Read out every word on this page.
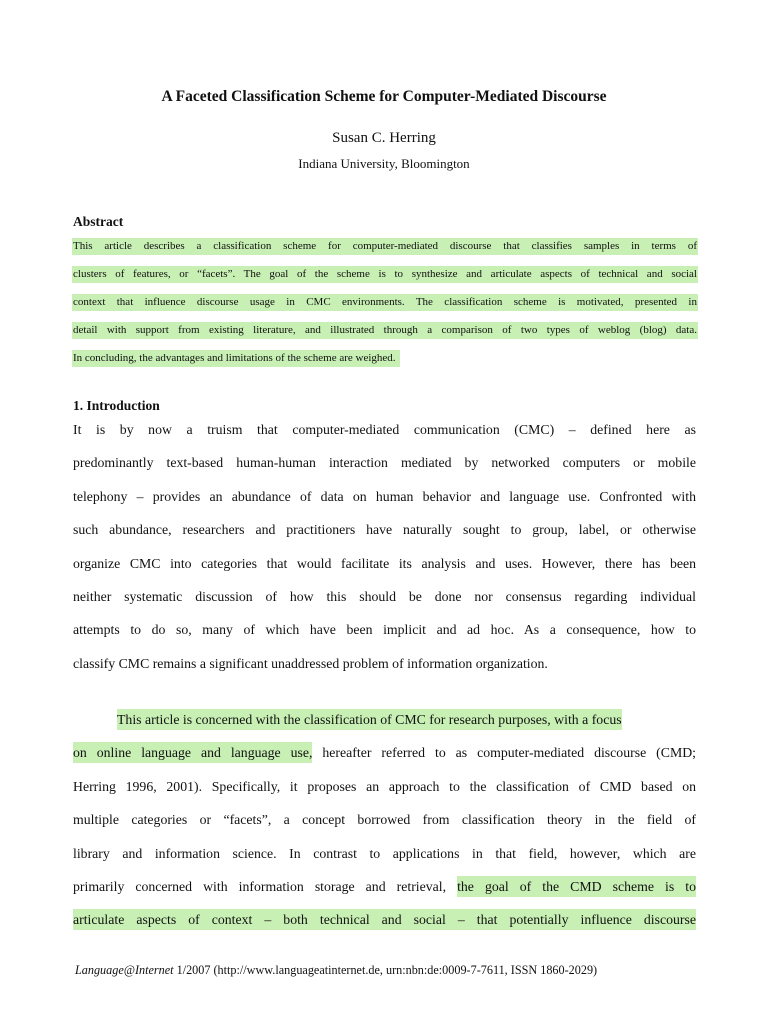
A Faceted Classification Scheme for Computer-Mediated Discourse
Susan C. Herring
Indiana University, Bloomington
Abstract
This article describes a classification scheme for computer-mediated discourse that classifies samples in terms of
clusters of features, or “facets”. The goal of the scheme is to synthesize and articulate aspects of technical and social
context that influence discourse usage in CMC environments. The classification scheme is motivated, presented in
detail with support from existing literature, and illustrated through a comparison of two types of weblog (blog) data.
In concluding, the advantages and limitations of the scheme are weighed.
1. Introduction
It is by now a truism that computer-mediated communication (CMC) – defined here as
predominantly text-based human-human interaction mediated by networked computers or mobile
telephony – provides an abundance of data on human behavior and language use. Confronted with
such abundance, researchers and practitioners have naturally sought to group, label, or otherwise
organize CMC into categories that would facilitate its analysis and uses. However, there has been
neither systematic discussion of how this should be done nor consensus regarding individual
attempts to do so, many of which have been implicit and ad hoc. As a consequence, how to
classify CMC remains a significant unaddressed problem of information organization.
This article is concerned with the classification of CMC for research purposes, with a focus
on online language and language use, hereafter referred to as computer-mediated discourse (CMD;
Herring 1996, 2001). Specifically, it proposes an approach to the classification of CMD based on
multiple categories or “facets”, a concept borrowed from classification theory in the field of
library and information science. In contrast to applications in that field, however, which are
primarily concerned with information storage and retrieval, the goal of the CMD scheme is to
articulate aspects of context – both technical and social – that potentially influence discourse
Language@Internet 1/2007 (http://www.languageatinternet.de, urn:nbn:de:0009-7-7611, ISSN 1860-2029)
